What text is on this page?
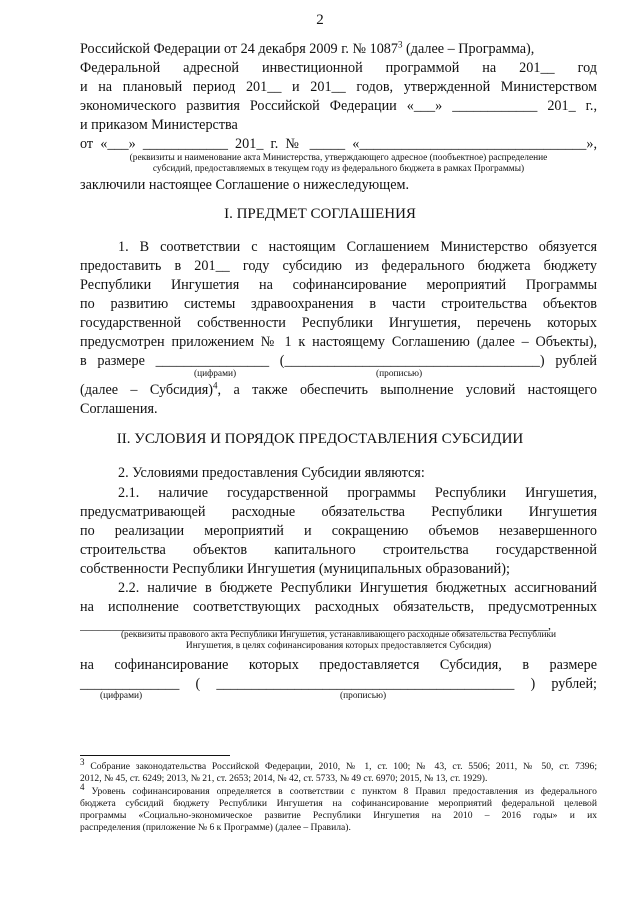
2
Российской Федерации от 24 декабря 2009 г. № 1087$^3$ (далее – Программа),
Федеральной адресной инвестиционной программой на 201__ год
и на плановый период 201__ и 201__ годов, утвержденной Министерством
экономического развития Российской Федерации «___» ____________ 201_ г.,
и приказом Министерства
от «___» ____________ 201_ г. № _____ «________________________________»,
(реквизиты и наименование акта Министерства, утверждающего адресное (пообъектное) распределение
субсидий, предоставляемых в текущем году из федерального бюджета в рамках Программы)
заключили настоящее Соглашение о нижеследующем.
I. ПРЕДМЕТ СОГЛАШЕНИЯ
1. В соответствии с настоящим Соглашением Министерство обязуется
предоставить в 201__ году субсидию из федерального бюджета бюджету
Республики Ингушетия на софинансирование мероприятий Программы
по развитию системы здравоохранения в части строительства объектов
государственной собственности Республики Ингушетия, перечень которых
предусмотрен приложением № 1 к настоящему Соглашению (далее – Объекты),
в размере ________________ (____________________________________) рублей
(цифрами)	(прописью)
(далее – Субсидия)$^4$, а также обеспечить выполнение условий настоящего
Соглашения.
II. УСЛОВИЯ И ПОРЯДОК ПРЕДОСТАВЛЕНИЯ СУБСИДИИ
2. Условиями предоставления Субсидии являются:
2.1. наличие государственной программы Республики Ингушетия,
предусматривающей расходные обязательства Республики Ингушетия
по реализации мероприятий и сокращению объемов незавершенного
строительства объектов капитального строительства государственной
собственности Республики Ингушетия (муниципальных образований);
2.2. наличие в бюджете Республики Ингушетия бюджетных ассигнований
на исполнение соответствующих расходных обязательств, предусмотренных
______________________________________________________________________________,
(реквизиты правового акта Республики Ингушетия, устанавливающего расходные обязательства Республики
Ингушетия, в целях софинансирования которых предоставляется Субсидия)
на софинансирование которых предоставляется Субсидия, в размере
______________ ( __________________________________________ ) рублей;
(цифрами)	(прописью)
$^3$ Собрание законодательства Российской Федерации, 2010, № 1, ст. 100; № 43, ст. 5506; 2011, № 50, ст. 7396;
2012, № 45, ст. 6249; 2013, № 21, ст. 2653; 2014, № 42, ст. 5733, № 49 ст. 6970; 2015, № 13, ст. 1929).
$^4$ Уровень софинансирования определяется в соответствии с пунктом 8 Правил предоставления из федерального
бюджета субсидий бюджету Республики Ингушетия на софинансирование мероприятий федеральной целевой
программы «Социально-экономическое развитие Республики Ингушетия на 2010 – 2016 годы» и их
распределения (приложение № 6 к Программе) (далее – Правила).
